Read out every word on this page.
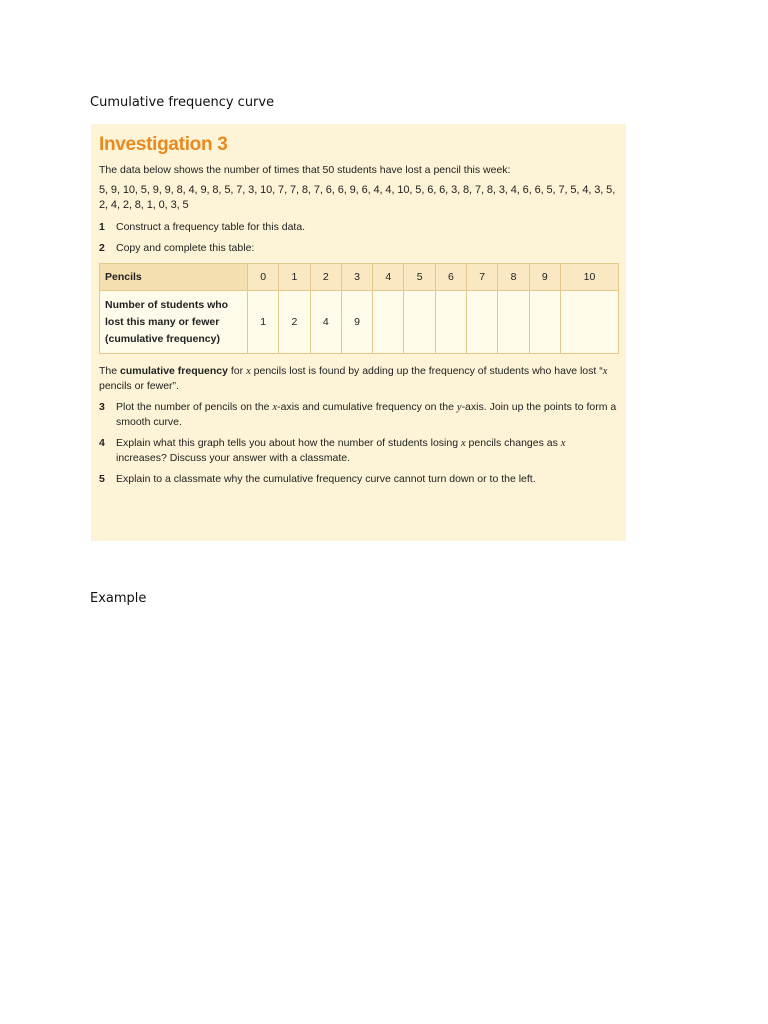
Cumulative frequency curve
Investigation 3
The data below shows the number of times that 50 students have lost a pencil this week:
5, 9, 10, 5, 9, 9, 8, 4, 9, 8, 5, 7, 3, 10, 7, 7, 8, 7, 6, 6, 9, 6, 4, 4, 10, 5, 6, 6, 3, 8, 7, 8, 3, 4, 6, 6, 5, 7, 5, 4, 3, 5, 2, 4, 2, 8, 1, 0, 3, 5
1	Construct a frequency table for this data.
2	Copy and complete this table:
Pencils	0	1	2	3	4	5	6	7	8	9	10
Number of students who lost this many or fewer (cumulative frequency)	1	2	4	9							
The cumulative frequency for x pencils lost is found by adding up the frequency of students who have lost “x pencils or fewer”.
3	Plot the number of pencils on the x-axis and cumulative frequency on the y-axis. Join up the points to form a smooth curve.
4	Explain what this graph tells you about how the number of students losing x pencils changes as x increases? Discuss your answer with a classmate.
5	Explain to a classmate why the cumulative frequency curve cannot turn down or to the left.
Example
